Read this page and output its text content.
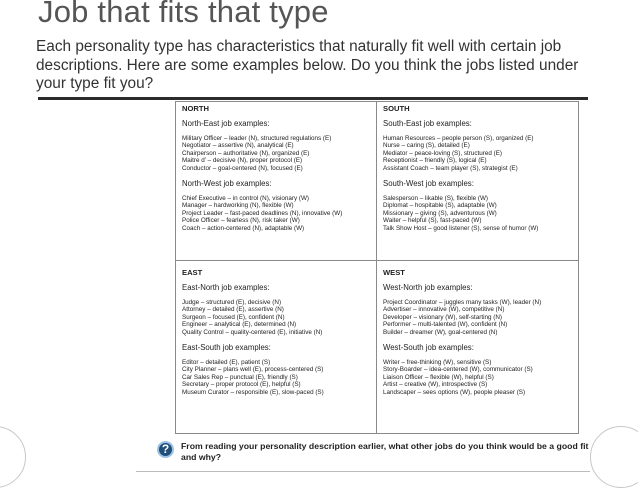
Job that fits that type
Each personality type has characteristics that naturally fit well with certain job descriptions. Here are some examples below. Do you think the jobs listed under your type fit you?
NORTH
North-East job examples:
Military Officer – leader (N), structured regulations (E)
Negotiator – assertive (N), analytical (E)
Chairperson – authoritative (N), organized (E)
Maitre d’ – decisive (N), proper protocol (E)
Conductor – goal-centered (N), focused (E)
North-West job examples:
Chief Executive – in control (N), visionary (W)
Manager – hardworking (N), flexible (W)
Project Leader – fast-paced deadlines (N), innovative (W)
Police Officer – fearless (N), risk taker (W)
Coach – action-centered (N), adaptable (W)
SOUTH
South-East job examples:
Human Resources – people person (S), organized (E)
Nurse – caring (S), detailed (E)
Mediator – peace-loving (S), structured (E)
Receptionist – friendly (S), logical (E)
Assistant Coach – team player (S), strategist (E)
South-West job examples:
Salesperson – likable (S), flexible (W)
Diplomat – hospitable (S), adaptable (W)
Missionary – giving (S), adventurous (W)
Waiter – helpful (S), fast-paced (W)
Talk Show Host – good listener (S), sense of humor (W)
EAST
East-North job examples:
Judge – structured (E), decisive (N)
Attorney – detailed (E), assertive (N)
Surgeon – focused (E), confident (N)
Engineer – analytical (E), determined (N)
Quality Control – quality-centered (E), initiative (N)
East-South job examples:
Editor – detailed (E), patient (S)
City Planner – plans well (E), process-centered (S)
Car Sales Rep – punctual (E), friendly (S)
Secretary – proper protocol (E), helpful (S)
Museum Curator – responsible (E), slow-paced (S)
WEST
West-North job examples:
Project Coordinator – juggles many tasks (W), leader (N)
Advertiser – innovative (W), competitive (N)
Developer – visionary (W), self-starting (N)
Performer – multi-talented (W), confident (N)
Builder – dreamer (W), goal-centered (N)
West-South job examples:
Writer – free-thinking (W), sensitive (S)
Story-Boarder – idea-centered (W), communicator (S)
Liaison Officer – flexible (W), helpful (S)
Artist – creative (W), introspective (S)
Landscaper – sees options (W), people pleaser (S)
?	From reading your personality description earlier, what other jobs do you think would be a good fit and why?
